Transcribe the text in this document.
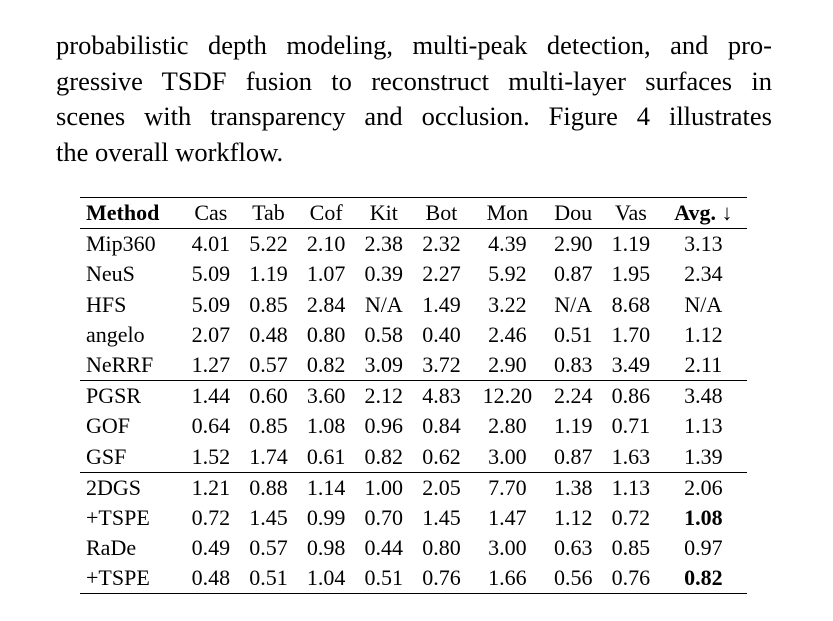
probabilistic depth modeling, multi-peak detection, and pro-
gressive TSDF fusion to reconstruct multi-layer surfaces in
scenes with transparency and occlusion. Figure 4 illustrates
the overall workflow.
Method	Cas	Tab	Cof	Kit	Bot	Mon	Dou	Vas	Avg. ↓
Mip360	4.01	5.22	2.10	2.38	2.32	4.39	2.90	1.19	3.13
NeuS	5.09	1.19	1.07	0.39	2.27	5.92	0.87	1.95	2.34
HFS	5.09	0.85	2.84	N/A	1.49	3.22	N/A	8.68	N/A
angelo	2.07	0.48	0.80	0.58	0.40	2.46	0.51	1.70	1.12
NeRRF	1.27	0.57	0.82	3.09	3.72	2.90	0.83	3.49	2.11
PGSR	1.44	0.60	3.60	2.12	4.83	12.20	2.24	0.86	3.48
GOF	0.64	0.85	1.08	0.96	0.84	2.80	1.19	0.71	1.13
GSF	1.52	1.74	0.61	0.82	0.62	3.00	0.87	1.63	1.39
2DGS	1.21	0.88	1.14	1.00	2.05	7.70	1.38	1.13	2.06
+TSPE	0.72	1.45	0.99	0.70	1.45	1.47	1.12	0.72	1.08
RaDe	0.49	0.57	0.98	0.44	0.80	3.00	0.63	0.85	0.97
+TSPE	0.48	0.51	1.04	0.51	0.76	1.66	0.56	0.76	0.82
